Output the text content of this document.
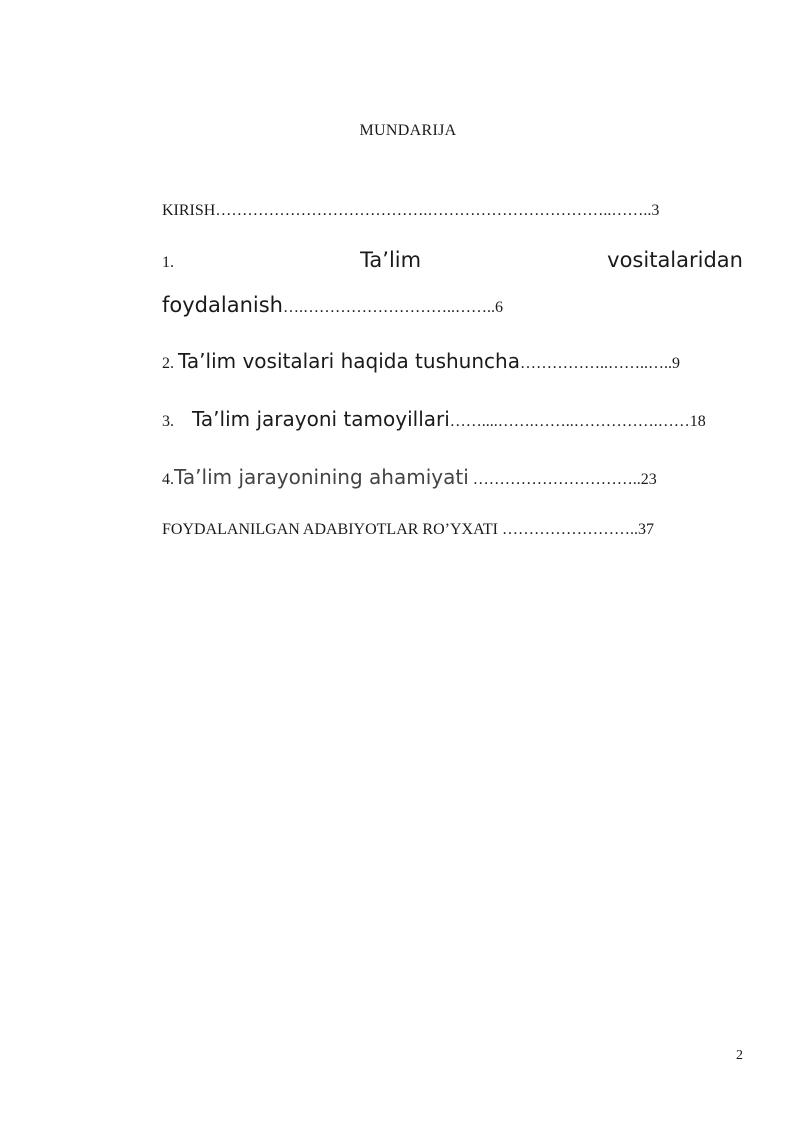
MUNDARIJA
KIRISH………………………………….……………………………..……..3
1.	Ta’lim	vositalaridan
foydalanish….………………………..……..6
2. Ta’lim vositalari haqida tushuncha……………..……..…..9
3. Ta’lim jarayoni tamoyillari……....…….……..…………….……18
4.Ta’lim jarayonining ahamiyati …………………………..23
FOYDALANILGAN ADABIYOTLAR RO’YXATI ……………………..37
2
